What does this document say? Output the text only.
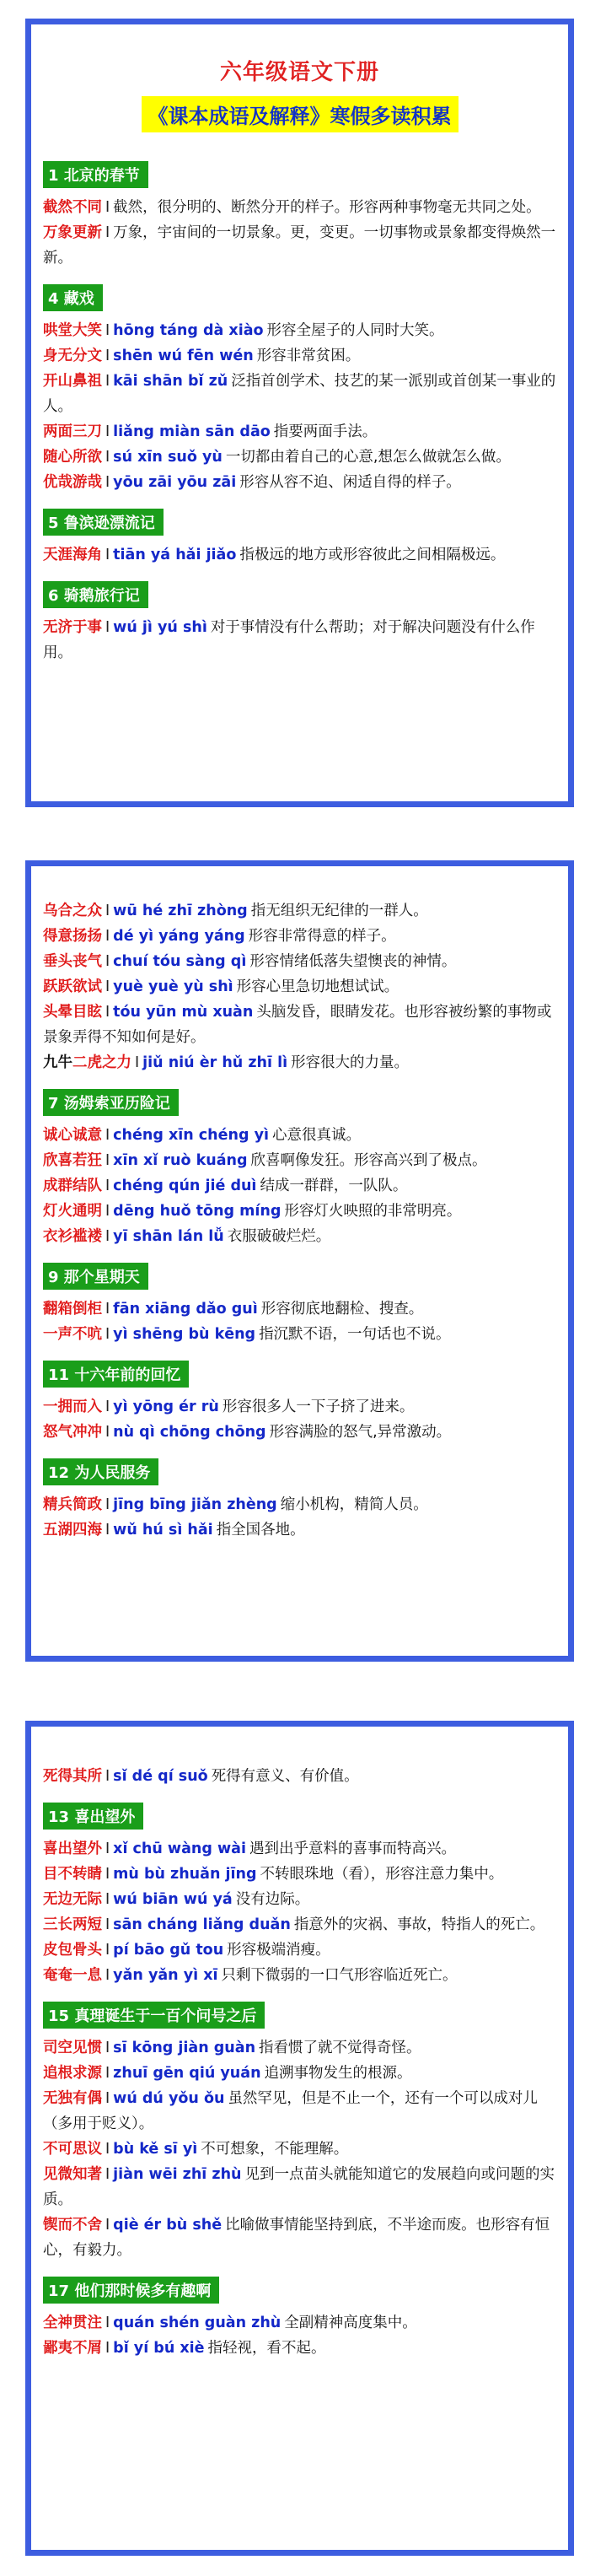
六年级语文下册
《课本成语及解释》寒假多读积累
1 北京的春节

截然不同 I 截然，很分明的、断然分开的样子。形容两种事物毫无共同之处。

万象更新 I 万象，宇宙间的一切景象。更，变更。一切事物或景象都变得焕然一新。

4 藏戏

哄堂大笑 I hōng táng dà xiào 形容全屋子的人同时大笑。

身无分文 I shēn wú fēn wén 形容非常贫困。

开山鼻祖 I kāi shān bǐ zǔ 泛指首创学术、技艺的某一派别或首创某一事业的人。

两面三刀 I liǎng miàn sān dāo 指要两面手法。

随心所欲 I sú xīn suǒ yù 一切都由着自己的心意,想怎么做就怎么做。

优哉游哉 I yōu zāi yōu zāi 形容从容不迫、闲适自得的样子。

5 鲁滨逊漂流记

天涯海角 I tiān yá hǎi jiǎo 指极远的地方或形容彼此之间相隔极远。

6 骑鹅旅行记

无济于事 I wú jì yú shì 对于事情没有什么帮助；对于解决问题没有什么作用。

乌合之众 I wū hé zhī zhòng 指无组织无纪律的一群人。

得意扬扬 I dé yì yáng yáng 形容非常得意的样子。

垂头丧气 I chuí tóu sàng qì 形容情绪低落失望懊丧的神情。

跃跃欲试 I yuè yuè yù shì 形容心里急切地想试试。

头晕目眩 I tóu yūn mù xuàn 头脑发昏，眼睛发花。也形容被纷繁的事物或景象弄得不知如何是好。

九牛二虎之力 I jiǔ niú èr hǔ zhī lì 形容很大的力量。

7 汤姆索亚历险记

诚心诚意 I chéng xīn chéng yì 心意很真诚。

欣喜若狂 I xīn xǐ ruò kuáng 欣喜啊像发狂。形容高兴到了极点。

成群结队 I chéng qún jié duì 结成一群群，一队队。

灯火通明 I dēng huǒ tōng míng 形容灯火映照的非常明亮。

衣衫褴褛 I yī shān lán lǚ 衣服破破烂烂。

9 那个星期天

翻箱倒柜 I fān xiāng dǎo guì 形容彻底地翻检、搜查。

一声不吭 I yì shēng bù kēng 指沉默不语，一句话也不说。

11 十六年前的回忆

一拥而入 I yì yōng ér rù 形容很多人一下子挤了进来。

怒气冲冲 I nù qì chōng chōng 形容满脸的怒气,异常激动。

12 为人民服务

精兵简政 I jīng bīng jiǎn zhèng 缩小机构，精简人员。

五湖四海 I wǔ hú sì hǎi 指全国各地。

死得其所 I sǐ dé qí suǒ 死得有意义、有价值。

13 喜出望外

喜出望外 I xǐ chū wàng wài 遇到出乎意料的喜事而特高兴。

目不转睛 I mù bù zhuǎn jīng 不转眼珠地（看），形容注意力集中。

无边无际 I wú biān wú yá 没有边际。

三长两短 I sān cháng liǎng duǎn 指意外的灾祸、事故，特指人的死亡。

皮包骨头 I pí bāo gǔ tou 形容极端消瘦。

奄奄一息 I yǎn yǎn yì xī 只剩下微弱的一口气形容临近死亡。

15 真理诞生于一百个问号之后

司空见惯 I sī kōng jiàn guàn 指看惯了就不觉得奇怪。

追根求源 I zhuī gēn qiú yuán 追溯事物发生的根源。

无独有偶 I wú dú yǒu ǒu 虽然罕见，但是不止一个，还有一个可以成对儿（多用于贬义）。

不可思议 I bù kě sī yì 不可想象，不能理解。

见微知著 I jiàn wēi zhī zhù 见到一点苗头就能知道它的发展趋向或问题的实质。

锲而不舍 I qiè ér bù shě 比喻做事情能坚持到底，不半途而废。也形容有恒心，有毅力。

17 他们那时候多有趣啊

全神贯注 I quán shén guàn zhù 全副精神高度集中。

鄙夷不屑 I bǐ yí bú xiè 指轻视，看不起。
